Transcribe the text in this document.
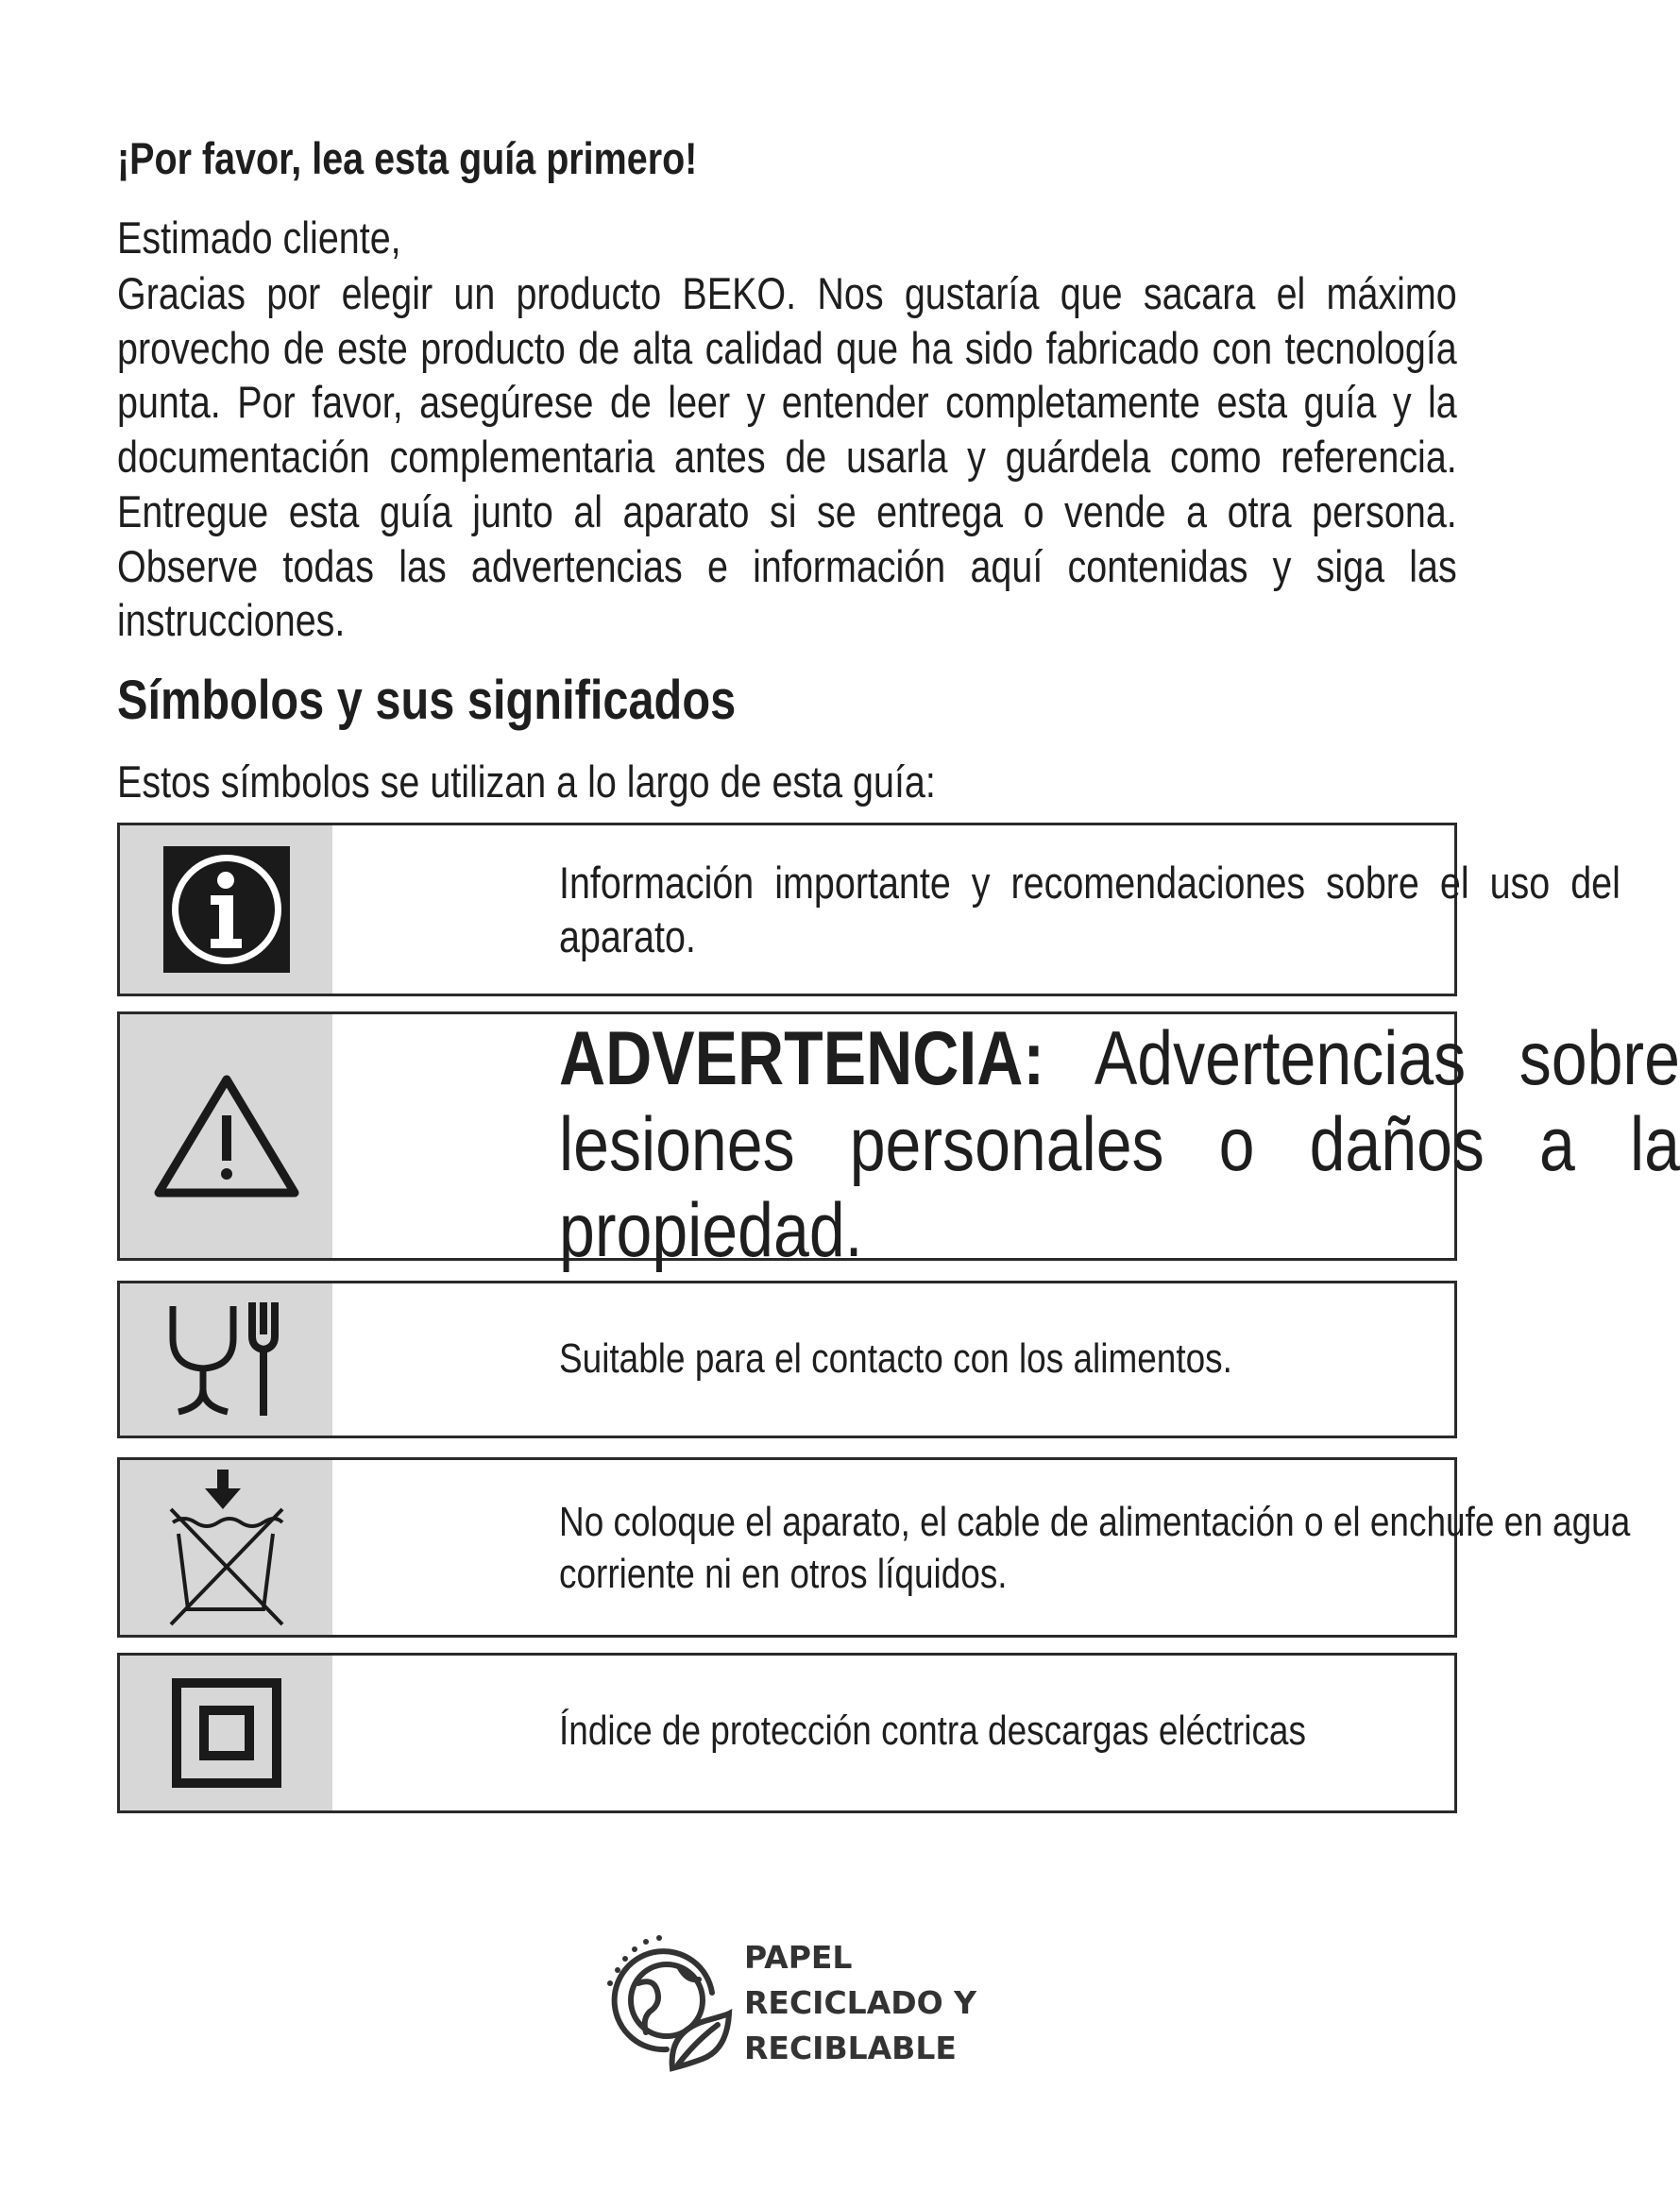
¡Por favor, lea esta guía primero!
Estimado cliente,

Gracias por elegir un producto BEKO. Nos gustaría que sacara el máximo provecho de este producto de alta calidad que ha sido fabricado con tecnología punta. Por favor, asegúrese de leer y entender completamente esta guía y la documentación complementaria antes de usarla y guárdela como referencia. Entregue esta guía junto al aparato si se entrega o vende a otra persona. Observe todas las advertencias e información aquí contenidas y siga las instrucciones.

Símbolos y sus significados
Estos símbolos se utilizan a lo largo de esta guía:

Información importante y recomendaciones sobre el uso del aparato.

ADVERTENCIA: Advertencias sobre lesiones personales o daños a la propiedad.

Suitable para el contacto con los alimentos.

No coloque el aparato, el cable de alimentación o el enchufe en agua corriente ni en otros líquidos.

Índice de protección contra descargas eléctricas
PAPEL
RECICLADO Y
RECIBLABLE
